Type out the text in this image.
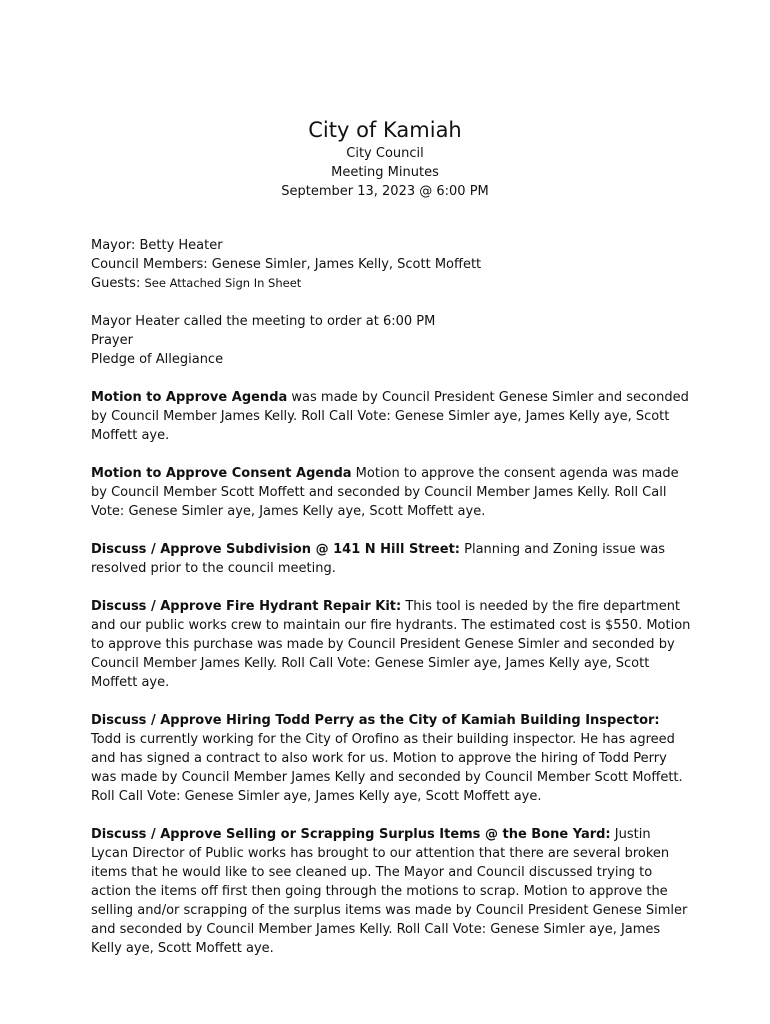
City of Kamiah

City Council

Meeting Minutes

September 13, 2023 @ 6:00 PM

Mayor: Betty Heater

Council Members: Genese Simler, James Kelly, Scott Moffett

Guests: See Attached Sign In Sheet

Mayor Heater called the meeting to order at 6:00 PM

Prayer

Pledge of Allegiance

Motion to Approve Agenda was made by Council President Genese Simler and seconded by Council Member James Kelly. Roll Call Vote: Genese Simler aye, James Kelly aye, Scott Moffett aye.

Motion to Approve Consent Agenda Motion to approve the consent agenda was made by Council Member Scott Moffett and seconded by Council Member James Kelly. Roll Call Vote: Genese Simler aye, James Kelly aye, Scott Moffett aye.

Discuss / Approve Subdivision @ 141 N Hill Street: Planning and Zoning issue was resolved prior to the council meeting.

Discuss / Approve Fire Hydrant Repair Kit: This tool is needed by the fire department and our public works crew to maintain our fire hydrants. The estimated cost is $550. Motion to approve this purchase was made by Council President Genese Simler and seconded by Council Member James Kelly. Roll Call Vote: Genese Simler aye, James Kelly aye, Scott Moffett aye.

Discuss / Approve Hiring Todd Perry as the City of Kamiah Building Inspector: Todd is currently working for the City of Orofino as their building inspector. He has agreed and has signed a contract to also work for us. Motion to approve the hiring of Todd Perry was made by Council Member James Kelly and seconded by Council Member Scott Moffett. Roll Call Vote: Genese Simler aye, James Kelly aye, Scott Moffett aye.

Discuss / Approve Selling or Scrapping Surplus Items @ the Bone Yard: Justin Lycan Director of Public works has brought to our attention that there are several broken items that he would like to see cleaned up. The Mayor and Council discussed trying to action the items off first then going through the motions to scrap. Motion to approve the selling and/or scrapping of the surplus items was made by Council President Genese Simler and seconded by Council Member James Kelly. Roll Call Vote: Genese Simler aye, James Kelly aye, Scott Moffett aye.
